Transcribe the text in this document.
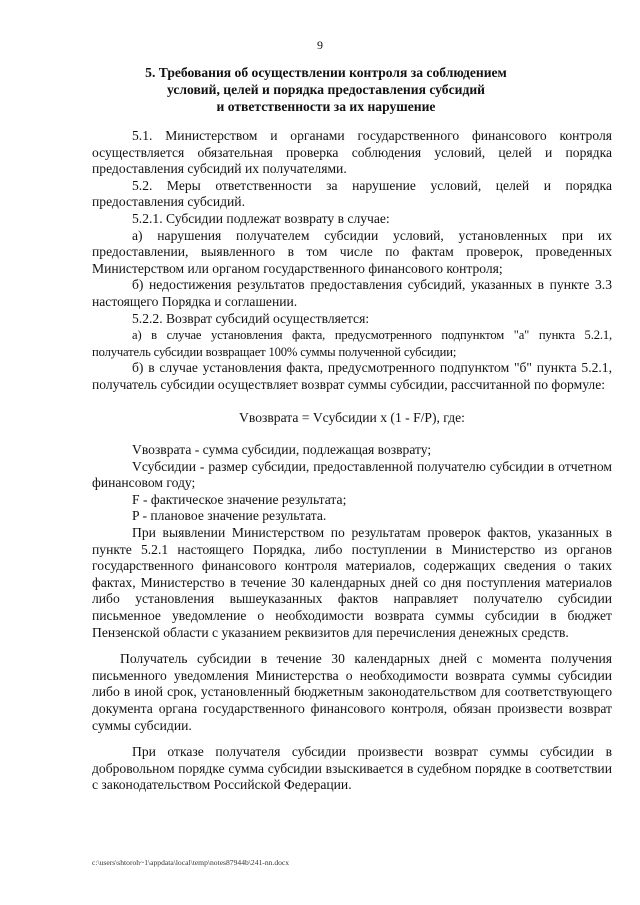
9
5. Требования об осуществлении контроля за соблюдением
условий, целей и порядка предоставления субсидий
и ответственности за их нарушение

5.1. Министерством и органами государственного финансового контроля осуществляется обязательная проверка соблюдения условий, целей и порядка предоставления субсидий их получателями.

5.2. Меры ответственности за нарушение условий, целей и порядка предоставления субсидий.

5.2.1. Субсидии подлежат возврату в случае:

а) нарушения получателем субсидии условий, установленных при их предоставлении, выявленного в том числе по фактам проверок, проведенных Министерством или органом государственного финансового контроля;

б) недостижения результатов предоставления субсидий, указанных в пункте 3.3 настоящего Порядка и соглашении.

5.2.2. Возврат субсидий осуществляется:

а) в случае установления факта, предусмотренного подпунктом "а" пункта 5.2.1, получатель субсидии возвращает 100% суммы полученной субсидии;

б) в случае установления факта, предусмотренного подпунктом "б" пункта 5.2.1, получатель субсидии осуществляет возврат суммы субсидии, рассчитанной по формуле:

Vвозврата = Vсубсидии х (1 - F/P), где:

Vвозврата - сумма субсидии, подлежащая возврату;

Vсубсидии - размер субсидии, предоставленной получателю субсидии в отчетном финансовом году;

F - фактическое значение результата;

P - плановое значение результата.

При выявлении Министерством по результатам проверок фактов, указанных в пункте 5.2.1 настоящего Порядка, либо поступлении в Министерство из органов государственного финансового контроля материалов, содержащих сведения о таких фактах, Министерство в течение 30 календарных дней со дня поступления материалов либо установления вышеуказанных фактов направляет получателю субсидии письменное уведомление о необходимости возврата суммы субсидии в бюджет Пензенской области с указанием реквизитов для перечисления денежных средств.

Получатель субсидии в течение 30 календарных дней с момента получения письменного уведомления Министерства о необходимости возврата суммы субсидии либо в иной срок, установленный бюджетным законодательством для соответствующего документа органа государственного финансового контроля, обязан произвести возврат суммы субсидии.

При отказе получателя субсидии произвести возврат суммы субсидии в добровольном порядке сумма субсидии взыскивается в судебном порядке в соответствии с законодательством Российской Федерации.

c:\users\shtoroh~1\appdata\local\temp\notes87944b\241-nn.docx
